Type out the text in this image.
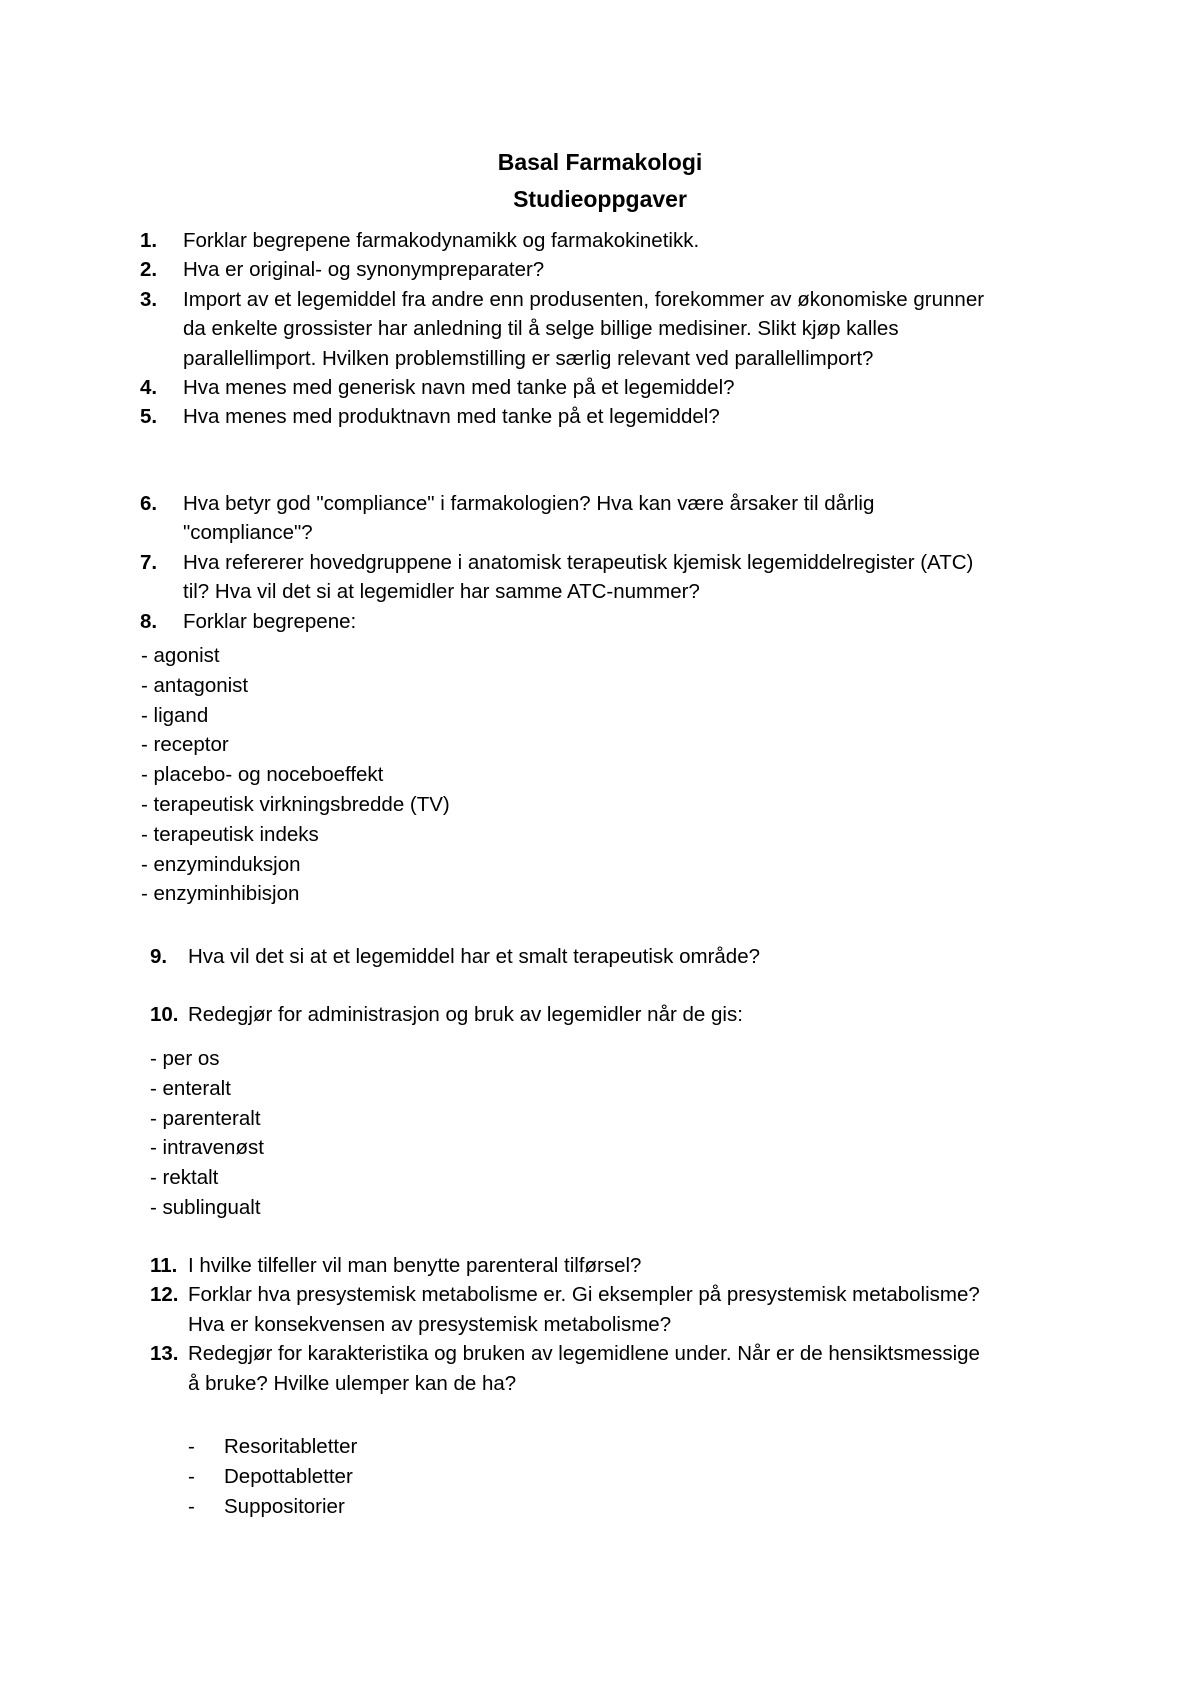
Basal Farmakologi
Studieoppgaver
1. Forklar begrepene farmakodynamikk og farmakokinetikk.
2. Hva er original- og synonympreparater?
3. Import av et legemiddel fra andre enn produsenten, forekommer av økonomiske grunner
da enkelte grossister har anledning til å selge billige medisiner. Slikt kjøp kalles
parallellimport. Hvilken problemstilling er særlig relevant ved parallellimport?
4. Hva menes med generisk navn med tanke på et legemiddel?
5. Hva menes med produktnavn med tanke på et legemiddel?
6. Hva betyr god "compliance" i farmakologien? Hva kan være årsaker til dårlig
"compliance"?
7. Hva refererer hovedgruppene i anatomisk terapeutisk kjemisk legemiddelregister (ATC)
til? Hva vil det si at legemidler har samme ATC-nummer?
8. Forklar begrepene:
- agonist
- antagonist
- ligand
- receptor
- placebo- og noceboeffekt
- terapeutisk virkningsbredde (TV)
- terapeutisk indeks
- enzyminduksjon
- enzyminhibisjon
9. Hva vil det si at et legemiddel har et smalt terapeutisk område?
10. Redegjør for administrasjon og bruk av legemidler når de gis:
- per os
- enteralt
- parenteralt
- intravenøst
- rektalt
- sublingualt
11. I hvilke tilfeller vil man benytte parenteral tilførsel?
12. Forklar hva presystemisk metabolisme er. Gi eksempler på presystemisk metabolisme?
Hva er konsekvensen av presystemisk metabolisme?
13. Redegjør for karakteristika og bruken av legemidlene under. Når er de hensiktsmessige
å bruke? Hvilke ulemper kan de ha?
- Resoritabletter
- Depottabletter
- Suppositorier
